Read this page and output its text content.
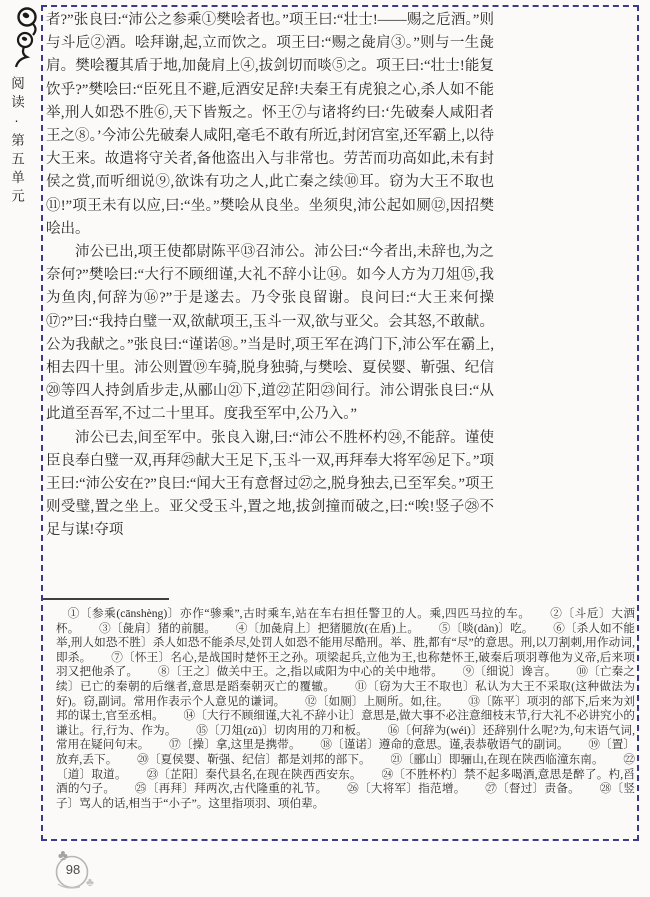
阅读·第五单元

者?”张良曰:“沛公之参乘①樊哙者也。”项王曰:“壮士!——赐之卮酒。”则与斗卮②酒。哙拜谢,起,立而饮之。项王曰:“赐之彘肩③。”则与一生彘肩。樊哙覆其盾于地,加彘肩上④,拔剑切而啖⑤之。项王曰:“壮士!能复饮乎?”樊哙曰:“臣死且不避,卮酒安足辞!夫秦王有虎狼之心,杀人如不能举,刑人如恐不胜⑥,天下皆叛之。怀王⑦与诸将约曰:‘先破秦人咸阳者王之⑧。’今沛公先破秦人咸阳,毫毛不敢有所近,封闭宫室,还军霸上,以待大王来。故遣将守关者,备他盗出入与非常也。劳苦而功高如此,未有封侯之赏,而听细说⑨,欲诛有功之人,此亡秦之续⑩耳。窃为大王不取也⑪!”项王未有以应,曰:“坐。”樊哙从良坐。坐须臾,沛公起如厕⑫,因招樊哙出。

沛公已出,项王使都尉陈平⑬召沛公。沛公曰:“今者出,未辞也,为之奈何?”樊哙曰:“大行不顾细谨,大礼不辞小让⑭。如今人方为刀俎⑮,我为鱼肉,何辞为⑯?”于是遂去。乃令张良留谢。良问曰:“大王来何操⑰?”曰:“我持白璧一双,欲献项王,玉斗一双,欲与亚父。会其怒,不敢献。公为我献之。”张良曰:“谨诺⑱。”当是时,项王军在鸿门下,沛公军在霸上,相去四十里。沛公则置⑲车骑,脱身独骑,与樊哙、夏侯婴、靳强、纪信⑳等四人持剑盾步走,从郦山㉑下,道㉒芷阳㉓间行。沛公谓张良曰:“从此道至吾军,不过二十里耳。度我至军中,公乃入。”

沛公已去,间至军中。张良入谢,曰:“沛公不胜杯杓㉔,不能辞。谨使臣良奉白璧一双,再拜㉕献大王足下,玉斗一双,再拜奉大将军㉖足下。”项王曰:“沛公安在?”良曰:“闻大王有意督过㉗之,脱身独去,已至军矣。”项王则受璧,置之坐上。亚父受玉斗,置之地,拔剑撞而破之,曰:“唉!竖子㉘不足与谋!夺项

①〔参乘(cānshèng)〕亦作“骖乘”,古时乘车,站在车右担任警卫的人。乘,四匹马拉的车。 ②〔斗卮〕大酒杯。 ③〔彘肩〕猪的前腿。 ④〔加彘肩上〕把猪腿放(在盾)上。 ⑤〔啖(dàn)〕吃。 ⑥〔杀人如不能举,刑人如恐不胜〕杀人如恐不能杀尽,处罚人如恐不能用尽酷刑。举、胜,都有“尽”的意思。刑,以刀割刺,用作动词,即杀。 ⑦〔怀王〕名心,是战国时楚怀王之孙。项梁起兵,立他为王,也称楚怀王,破秦后项羽尊他为义帝,后来项羽又把他杀了。 ⑧〔王之〕做关中王。之,指以咸阳为中心的关中地带。 ⑨〔细说〕谗言。 ⑩〔亡秦之续〕已亡的秦朝的后继者,意思是蹈秦朝灭亡的覆辙。 ⑪〔窃为大王不取也〕私认为大王不采取(这种做法为好)。窃,副词。常用作表示个人意见的谦词。 ⑫〔如厕〕上厕所。如,往。 ⑬〔陈平〕项羽的部下,后来为刘邦的谋士,官至丞相。 ⑭〔大行不顾细谨,大礼不辞小让〕意思是,做大事不必注意细枝末节,行大礼不必讲究小的谦让。行,行为、作为。 ⑮〔刀俎(zǔ)〕切肉用的刀和板。 ⑯〔何辞为(wéi)〕还辞别什么呢?为,句末语气词,常用在疑问句末。 ⑰〔操〕拿,这里是携带。 ⑱〔谨诺〕遵命的意思。谨,表恭敬语气的副词。 ⑲〔置〕放弃,丢下。 ⑳〔夏侯婴、靳强、纪信〕都是刘邦的部下。 ㉑〔郦山〕即骊山,在现在陕西临潼东南。 ㉒〔道〕取道。 ㉓〔芷阳〕秦代县名,在现在陕西西安东。 ㉔〔不胜杯杓〕禁不起多喝酒,意思是醉了。杓,舀酒的勺子。 ㉕〔再拜〕拜两次,古代隆重的礼节。 ㉖〔大将军〕指范增。 ㉗〔督过〕责备。 ㉘〔竖子〕骂人的话,相当于“小子”。这里指项羽、项伯辈。
♣
♣
98
